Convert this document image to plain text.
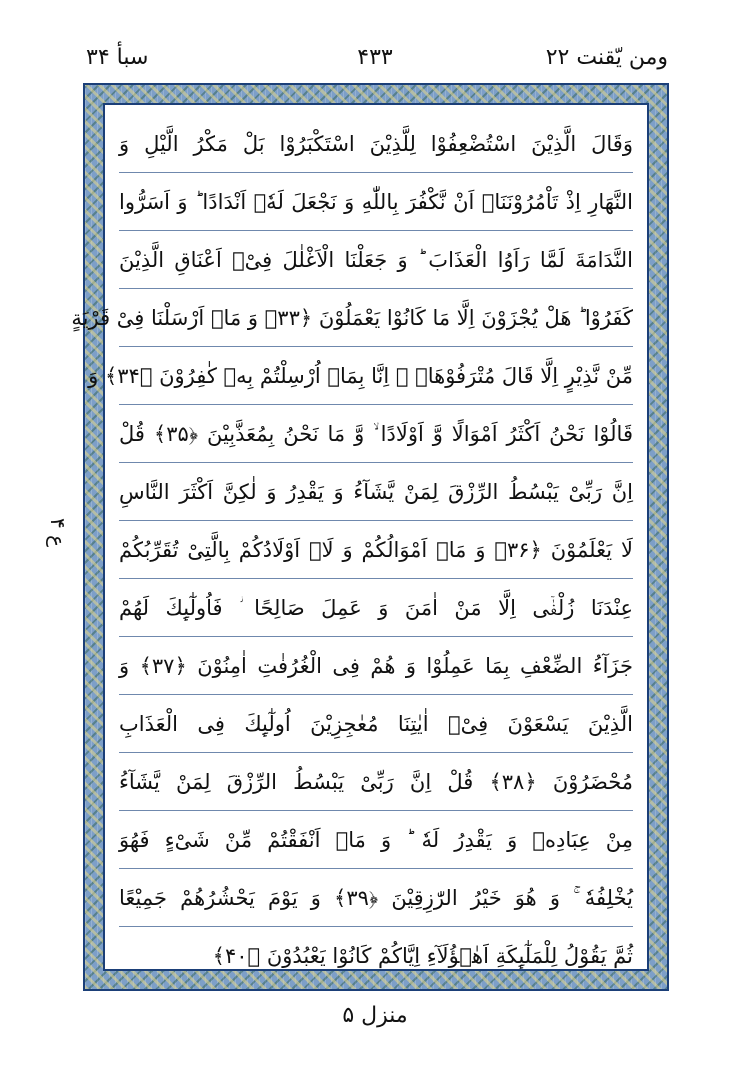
ومن یّقنت ۲۲
۴۳۳
سبأ ۳۴
ع ۴
وَقَالَ الَّذِیْنَ اسْتُضْعِفُوْا لِلَّذِیْنَ اسْتَكْبَرُوْا بَلْ مَكْرُ الَّیْلِ وَ
النَّهَارِ اِذْ تَاْمُرُوْنَنَاۤ اَنْ نَّكْفُرَ بِاللّٰهِ وَ نَجْعَلَ لَهٗۤ اَنْدَادًا ؕ وَ اَسَرُّوا
النَّدَامَةَ لَمَّا رَاَوُا الْعَذَابَ ؕ وَ جَعَلْنَا الْاَغْلٰلَ فِیْۤ اَعْنَاقِ الَّذِیْنَ
كَفَرُوْا ؕ هَلْ یُجْزَوْنَ اِلَّا مَا كَانُوْا یَعْمَلُوْنَ ﴿۳۳﴾ وَ مَاۤ اَرْسَلْنَا فِیْ قَرْیَةٍ
مِّنْ نَّذِیْرٍ اِلَّا قَالَ مُتْرَفُوْهَاۤ ۙ اِنَّا بِمَاۤ اُرْسِلْتُمْ بِهٖ كٰفِرُوْنَ ﴿۳۴﴾ وَ
قَالُوْا نَحْنُ اَكْثَرُ اَمْوَالًا وَّ اَوْلَادًا ۙ وَّ مَا نَحْنُ بِمُعَذَّبِیْنَ ﴿۳۵﴾ قُلْ
اِنَّ رَبِّیْ یَبْسُطُ الرِّزْقَ لِمَنْ یَّشَآءُ وَ یَقْدِرُ وَ لٰكِنَّ اَكْثَرَ النَّاسِ
لَا یَعْلَمُوْنَ ﴿۳۶﴾ وَ مَاۤ اَمْوَالُكُمْ وَ لَاۤ اَوْلَادُكُمْ بِالَّتِیْ تُقَرِّبُكُمْ
عِنْدَنَا زُلْفٰۤى اِلَّا مَنْ اٰمَنَ وَ عَمِلَ صَالِحًا ؗ فَاُولٰٓىِٕكَ لَهُمْ
جَزَآءُ الضِّعْفِ بِمَا عَمِلُوْا وَ هُمْ فِی الْغُرُفٰتِ اٰمِنُوْنَ ﴿۳۷﴾ وَ
الَّذِیْنَ یَسْعَوْنَ فِیْۤ اٰیٰتِنَا مُعٰجِزِیْنَ اُولٰٓىِٕكَ فِی الْعَذَابِ
مُحْضَرُوْنَ ﴿۳۸﴾ قُلْ اِنَّ رَبِّیْ یَبْسُطُ الرِّزْقَ لِمَنْ یَّشَآءُ
مِنْ عِبَادِهٖ وَ یَقْدِرُ لَهٗ ؕ وَ مَاۤ اَنْفَقْتُمْ مِّنْ شَیْءٍ فَهُوَ
یُخْلِفُهٗ ۚ وَ هُوَ خَیْرُ الرّٰزِقِیْنَ ﴿۳۹﴾ وَ یَوْمَ یَحْشُرُهُمْ جَمِیْعًا
ثُمَّ یَقُوْلُ لِلْمَلٰٓىِٕكَةِ اَهٰۤؤُلَآءِ اِیَّاكُمْ كَانُوْا یَعْبُدُوْنَ ﴿۴۰﴾
منزل ۵
